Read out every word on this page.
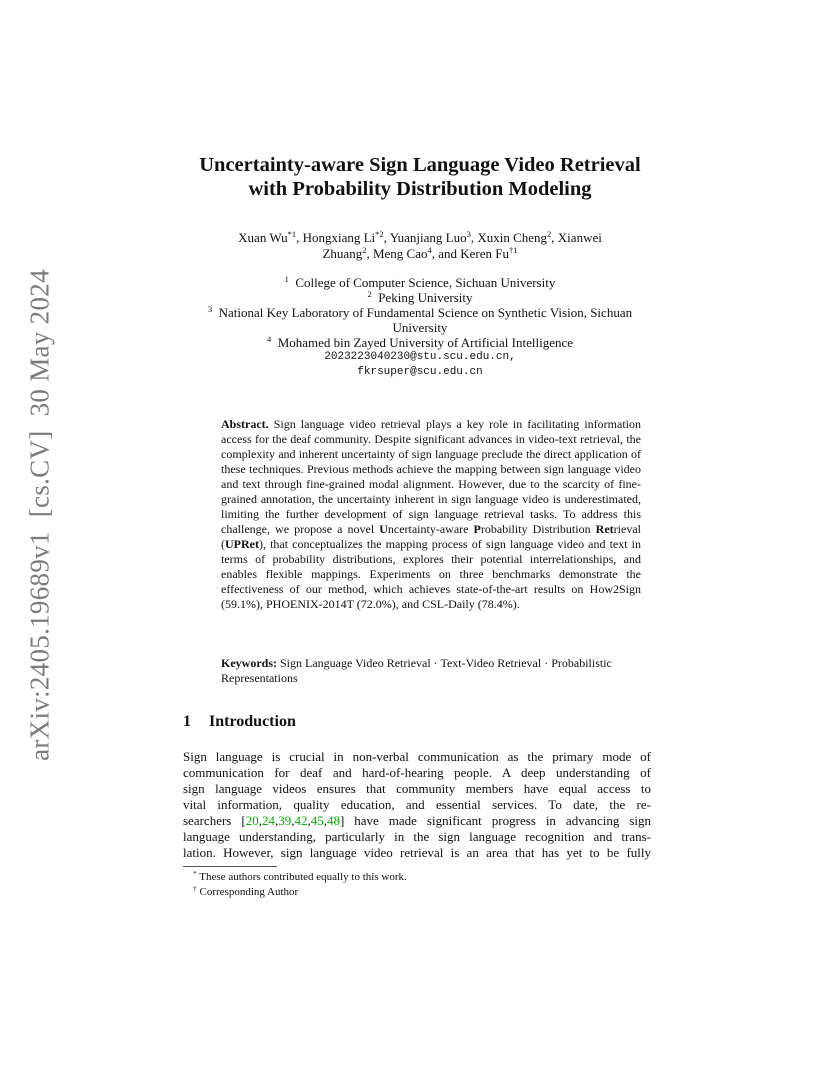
arXiv:2405.19689v1[cs.CV]30 May 2024
Uncertainty-aware Sign Language Video Retrieval
with Probability Distribution Modeling
Xuan Wu$^{*1}$, Hongxiang Li$^{*2}$, Yuanjiang Luo$^3$, Xuxin Cheng$^2$, Xianwei
Zhuang$^2$, Meng Cao$^4$, and Keren Fu$^{\dagger 1}$
$^1$ College of Computer Science, Sichuan University
$^2$ Peking University
$^3$ National Key Laboratory of Fundamental Science on Synthetic Vision, Sichuan
University
$^4$ Mohamed bin Zayed University of Artificial Intelligence
2023223040230@stu.scu.edu.cn,
fkrsuper@scu.edu.cn

Abstract. Sign language video retrieval plays a key role in facilitating information access for the deaf community. Despite significant advances in video-text retrieval, the complexity and inherent uncertainty of sign language preclude the direct application of these techniques. Previous methods achieve the mapping between sign language video and text through fine-grained modal alignment. However, due to the scarcity of fine-grained annotation, the uncertainty inherent in sign language video is underestimated, limiting the further development of sign language retrieval tasks. To address this challenge, we propose a novel Uncertainty-aware Probability Distribution Retrieval (UPRet), that conceptualizes the mapping process of sign language video and text in terms of probability distributions, explores their potential interrelationships, and enables flexible mappings. Experiments on three benchmarks demonstrate the effectiveness of our method, which achieves state-of-the-art results on How2Sign (59.1%), PHOENIX-2014T (72.0%), and CSL-Daily (78.4%).

Keywords: Sign Language Video Retrieval · Text-Video Retrieval · Probabilistic Representations

1 Introduction
Sign language is crucial in non-verbal communication as the primary mode of
communication for deaf and hard-of-hearing people. A deep understanding of
sign language videos ensures that community members have equal access to
vital information, quality education, and essential services. To date, the re-
searchers [20,24,39,42,45,48] have made significant progress in advancing sign
language understanding, particularly in the sign language recognition and trans-
lation. However, sign language video retrieval is an area that has yet to be fully
* These authors contributed equally to this work.
† Corresponding Author
